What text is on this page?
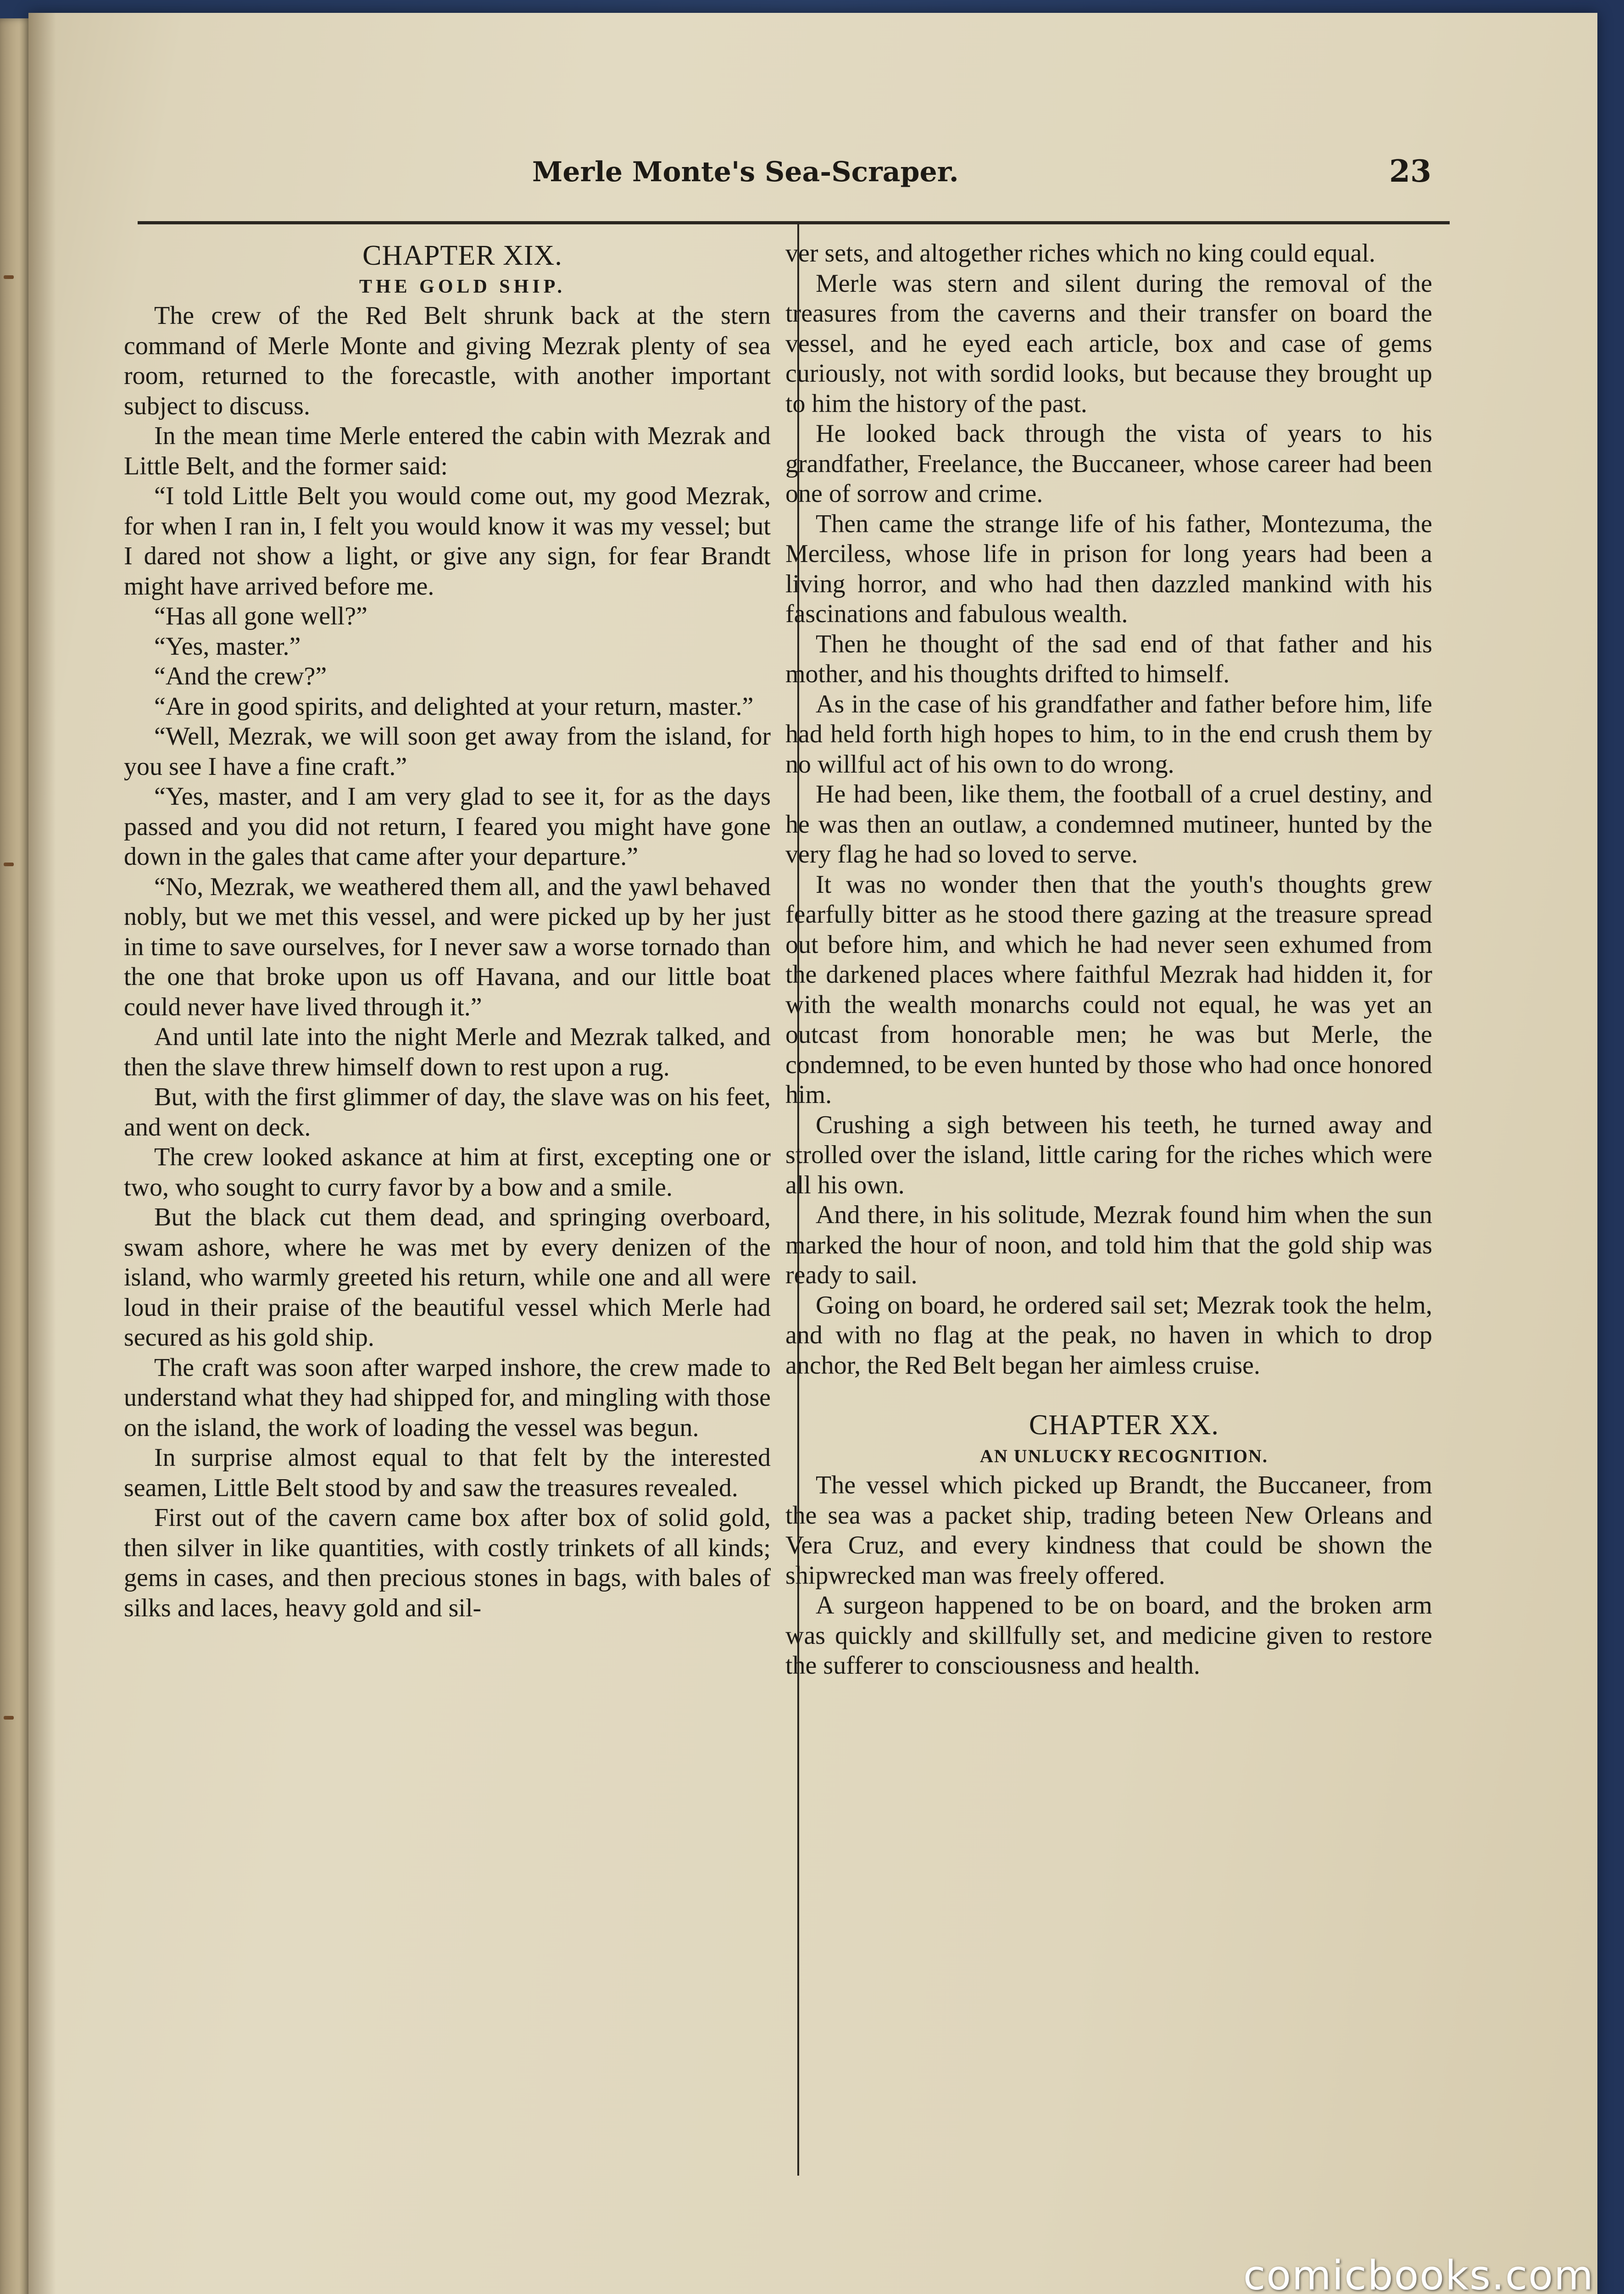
Merle Monte's Sea-Scraper.	23

CHAPTER XIX.

THE GOLD SHIP.

The crew of the Red Belt shrunk back at the stern command of Merle Monte and giving Mezrak plenty of sea room, returned to the forecastle, with another important subject to discuss.

In the mean time Merle entered the cabin with Mezrak and Little Belt, and the former said:

“I told Little Belt you would come out, my good Mezrak, for when I ran in, I felt you would know it was my vessel; but I dared not show a light, or give any sign, for fear Brandt might have arrived before me.

“Has all gone well?”

“Yes, master.”

“And the crew?”

“Are in good spirits, and delighted at your return, master.”

“Well, Mezrak, we will soon get away from the island, for you see I have a fine craft.”

“Yes, master, and I am very glad to see it, for as the days passed and you did not return, I feared you might have gone down in the gales that came after your departure.”

“No, Mezrak, we weathered them all, and the yawl behaved nobly, but we met this vessel, and were picked up by her just in time to save ourselves, for I never saw a worse tornado than the one that broke upon us off Havana, and our little boat could never have lived through it.”

And until late into the night Merle and Mezrak talked, and then the slave threw himself down to rest upon a rug.

But, with the first glimmer of day, the slave was on his feet, and went on deck.

The crew looked askance at him at first, excepting one or two, who sought to curry favor by a bow and a smile.

But the black cut them dead, and springing overboard, swam ashore, where he was met by every denizen of the island, who warmly greeted his return, while one and all were loud in their praise of the beautiful vessel which Merle had secured as his gold ship.

The craft was soon after warped inshore, the crew made to understand what they had shipped for, and mingling with those on the island, the work of loading the vessel was begun.

In surprise almost equal to that felt by the interested seamen, Little Belt stood by and saw the treasures revealed.

First out of the cavern came box after box of solid gold, then silver in like quantities, with costly trinkets of all kinds; gems in cases, and then precious stones in bags, with bales of silks and laces, heavy gold and sil-

ver sets, and altogether riches which no king could equal.

Merle was stern and silent during the removal of the treasures from the caverns and their transfer on board the vessel, and he eyed each article, box and case of gems curiously, not with sordid looks, but because they brought up to him the history of the past.

He looked back through the vista of years to his grandfather, Freelance, the Buccaneer, whose career had been one of sorrow and crime.

Then came the strange life of his father, Montezuma, the Merciless, whose life in prison for long years had been a living horror, and who had then dazzled mankind with his fascinations and fabulous wealth.

Then he thought of the sad end of that father and his mother, and his thoughts drifted to himself.

As in the case of his grandfather and father before him, life had held forth high hopes to him, to in the end crush them by no willful act of his own to do wrong.

He had been, like them, the football of a cruel destiny, and he was then an outlaw, a condemned mutineer, hunted by the very flag he had so loved to serve.

It was no wonder then that the youth's thoughts grew fearfully bitter as he stood there gazing at the treasure spread out before him, and which he had never seen exhumed from the darkened places where faithful Mezrak had hidden it, for with the wealth monarchs could not equal, he was yet an outcast from honorable men; he was but Merle, the condemned, to be even hunted by those who had once honored him.

Crushing a sigh between his teeth, he turned away and strolled over the island, little caring for the riches which were all his own.

And there, in his solitude, Mezrak found him when the sun marked the hour of noon, and told him that the gold ship was ready to sail.

Going on board, he ordered sail set; Mezrak took the helm, and with no flag at the peak, no haven in which to drop anchor, the Red Belt began her aimless cruise.

CHAPTER XX.

AN UNLUCKY RECOGNITION.

The vessel which picked up Brandt, the Buccaneer, from the sea was a packet ship, trading beteen New Orleans and Vera Cruz, and every kindness that could be shown the shipwrecked man was freely offered.

A surgeon happened to be on board, and the broken arm was quickly and skillfully set, and medicine given to restore the sufferer to consciousness and health.

comicbooks.com
